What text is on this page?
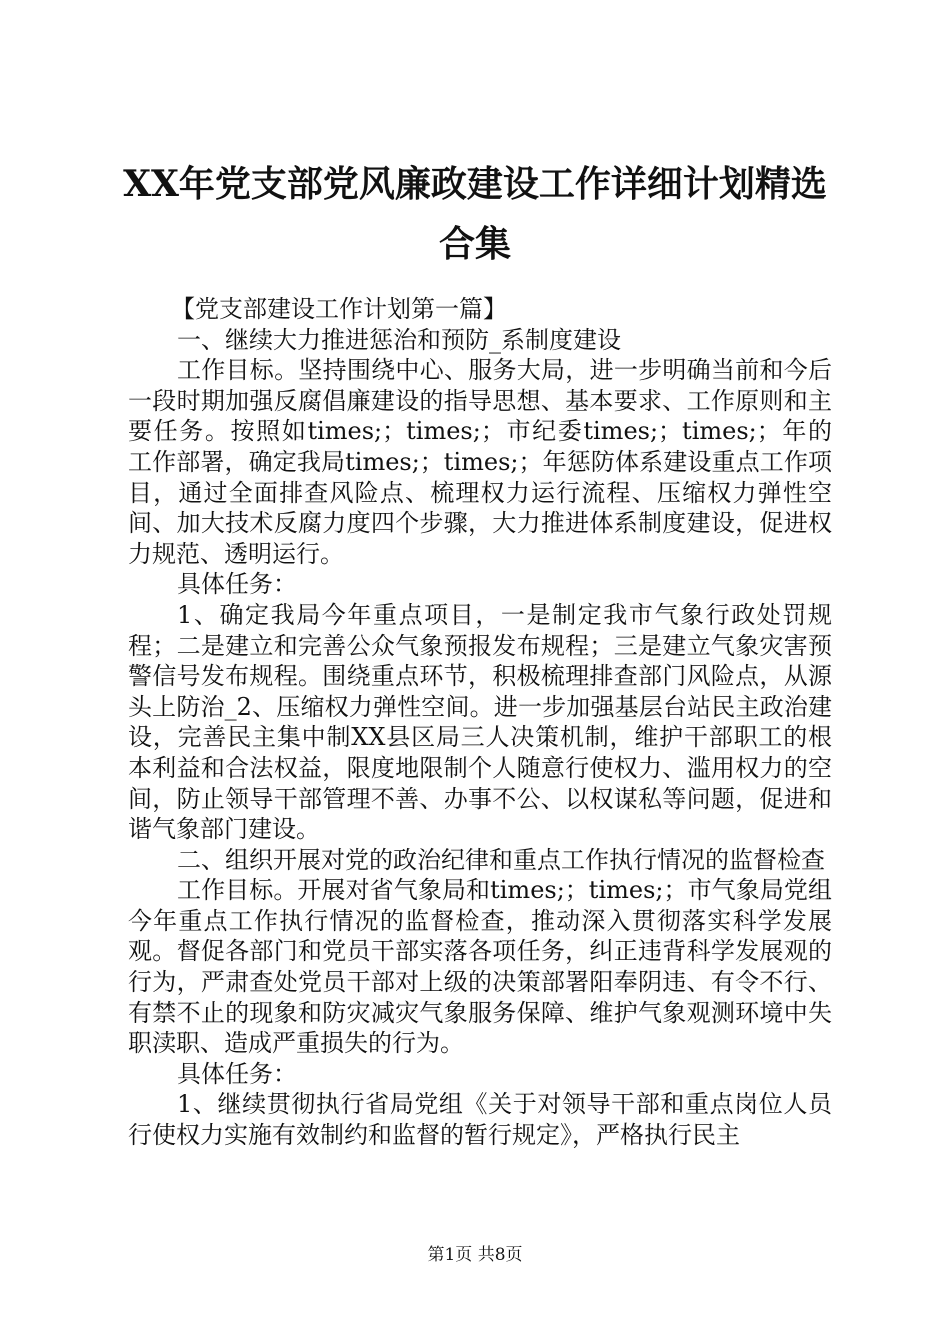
XX年党支部党风廉政建设工作详细计划精选
合集

【党支部建设工作计划第一篇】

一、继续大力推进惩治和预防_系制度建设

工作目标。坚持围绕中心、服务大局，进一步明确当前和今后一段时期加强反腐倡廉建设的指导思想、基本要求、工作原则和主要任务。按照如times;；times;；市纪委times;；times;；年的工作部署，确定我局times;；times;；年惩防体系建设重点工作项目，通过全面排查风险点、梳理权力运行流程、压缩权力弹性空间、加大技术反腐力度四个步骤，大力推进体系制度建设，促进权力规范、透明运行。

具体任务：

1、确定我局今年重点项目，一是制定我市气象行政处罚规程；二是建立和完善公众气象预报发布规程；三是建立气象灾害预警信号发布规程。围绕重点环节，积极梳理排查部门风险点，从源头上防治_2、压缩权力弹性空间。进一步加强基层台站民主政治建设，完善民主集中制XX县区局三人决策机制，维护干部职工的根本利益和合法权益，限度地限制个人随意行使权力、滥用权力的空间，防止领导干部管理不善、办事不公、以权谋私等问题，促进和谐气象部门建设。

二、组织开展对党的政治纪律和重点工作执行情况的监督检查

工作目标。开展对省气象局和times;；times;；市气象局党组今年重点工作执行情况的监督检查，推动深入贯彻落实科学发展观。督促各部门和党员干部实落各项任务，纠正违背科学发展观的行为，严肃查处党员干部对上级的决策部署阳奉阴违、有令不行、有禁不止的现象和防灾减灾气象服务保障、维护气象观测环境中失职渎职、造成严重损失的行为。

具体任务：

1、继续贯彻执行省局党组《关于对领导干部和重点岗位人员行使权力实施有效制约和监督的暂行规定》，严格执行民主

第1页 共8页
